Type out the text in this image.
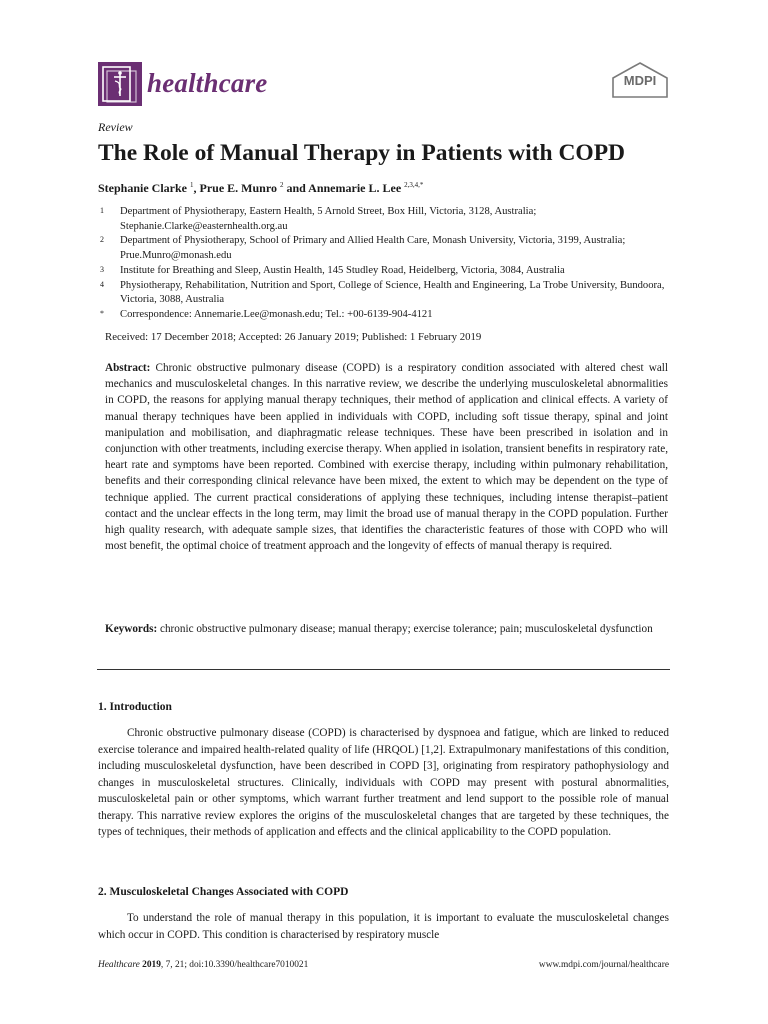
healthcare	MDPI
Review
The Role of Manual Therapy in Patients with COPD
Stephanie Clarke $^1$, Prue E. Munro $^2$ and Annemarie L. Lee $^{2,3,4,*}$
1	Department of Physiotherapy, Eastern Health, 5 Arnold Street, Box Hill, Victoria, 3128, Australia; Stephanie.Clarke@easternhealth.org.au
2	Department of Physiotherapy, School of Primary and Allied Health Care, Monash University, Victoria, 3199, Australia; Prue.Munro@monash.edu
3	Institute for Breathing and Sleep, Austin Health, 145 Studley Road, Heidelberg, Victoria, 3084, Australia
4	Physiotherapy, Rehabilitation, Nutrition and Sport, College of Science, Health and Engineering, La Trobe University, Bundoora, Victoria, 3088, Australia
*	Correspondence: Annemarie.Lee@monash.edu; Tel.: +00-6139-904-4121
Received: 17 December 2018; Accepted: 26 January 2019; Published: 1 February 2019

Abstract: Chronic obstructive pulmonary disease (COPD) is a respiratory condition associated with altered chest wall mechanics and musculoskeletal changes. In this narrative review, we describe the underlying musculoskeletal abnormalities in COPD, the reasons for applying manual therapy techniques, their method of application and clinical effects. A variety of manual therapy techniques have been applied in individuals with COPD, including soft tissue therapy, spinal and joint manipulation and mobilisation, and diaphragmatic release techniques. These have been prescribed in isolation and in conjunction with other treatments, including exercise therapy. When applied in isolation, transient benefits in respiratory rate, heart rate and symptoms have been reported. Combined with exercise therapy, including within pulmonary rehabilitation, benefits and their corresponding clinical relevance have been mixed, the extent to which may be dependent on the type of technique applied. The current practical considerations of applying these techniques, including intense therapist–patient contact and the unclear effects in the long term, may limit the broad use of manual therapy in the COPD population. Further high quality research, with adequate sample sizes, that identifies the characteristic features of those with COPD who will most benefit, the optimal choice of treatment approach and the longevity of effects of manual therapy is required.

Keywords: chronic obstructive pulmonary disease; manual therapy; exercise tolerance; pain; musculoskeletal dysfunction

1. Introduction

Chronic obstructive pulmonary disease (COPD) is characterised by dyspnoea and fatigue, which are linked to reduced exercise tolerance and impaired health-related quality of life (HRQOL) [1,2]. Extrapulmonary manifestations of this condition, including musculoskeletal dysfunction, have been described in COPD [3], originating from respiratory pathophysiology and changes in musculoskeletal structures. Clinically, individuals with COPD may present with postural abnormalities, musculoskeletal pain or other symptoms, which warrant further treatment and lend support to the possible role of manual therapy. This narrative review explores the origins of the musculoskeletal changes that are targeted by these techniques, the types of techniques, their methods of application and effects and the clinical applicability to the COPD population.

2. Musculoskeletal Changes Associated with COPD

To understand the role of manual therapy in this population, it is important to evaluate the musculoskeletal changes which occur in COPD. This condition is characterised by respiratory muscle

Healthcare 2019, 7, 21; doi:10.3390/healthcare7010021	www.mdpi.com/journal/healthcare
